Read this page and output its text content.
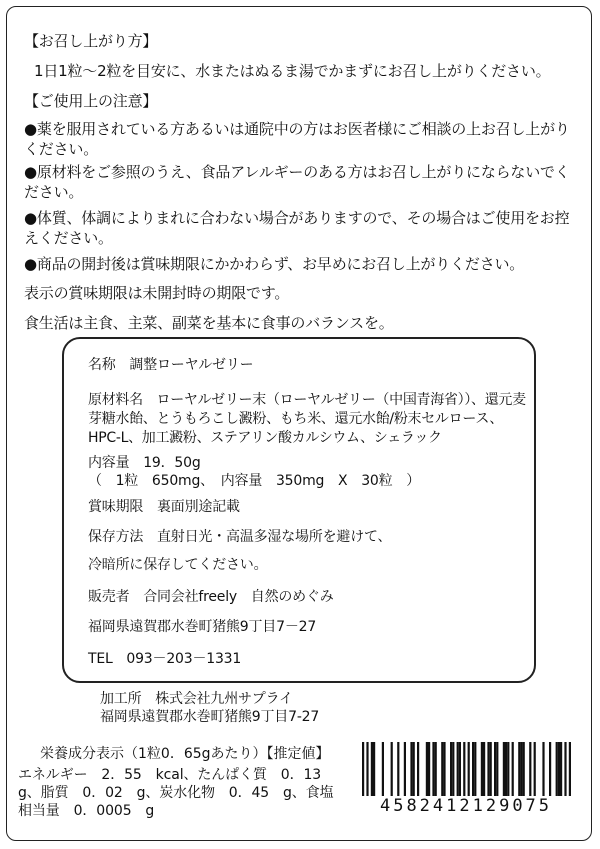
【お召し上がり方】
1日1粒～2粒を目安に、水またはぬるま湯でかまずにお召し上がりください。
【ご使用上の注意】
●薬を服用されている方あるいは通院中の方はお医者様にご相談の上お召し上がりください。
●原材料をご参照のうえ、食品アレルギーのある方はお召し上がりにならないでください。
●体質、体調によりまれに合わない場合がありますので、その場合はご使用をお控えください。
●商品の開封後は賞味期限にかかわらず、お早めにお召し上がりください。
表示の賞味期限は未開封時の期限です。
食生活は主食、主菜、副菜を基本に食事のバランスを。
名称　調整ローヤルゼリー
原材料名　ローヤルゼリー末（ローヤルゼリー（中国青海省））、還元麦芽糖水飴、とうもろこし澱粉、もち米、還元水飴/粉末セルロース、HPC-L、加工澱粉、ステアリン酸カルシウム、シェラック
内容量　19．50g
（　1粒　650mg、　内容量　350mg　X　30粒　）
賞味期限　裏面別途記載
保存方法　直射日光・高温多湿な場所を避けて、
冷暗所に保存してください。
販売者　合同会社freely　自然のめぐみ
福岡県遠賀郡水巻町猪熊9丁目7－27
TEL　093－203－1331
加工所　株式会社九州サプライ
福岡県遠賀郡水巻町猪熊9丁目7-27
栄養成分表示（1粒0．65gあたり）【推定値】
エネルギー　2．55　kcal、たんぱく質　0．13
g、脂質　0．02　g、炭水化物　0．45　g、食塩
相当量　0．0005　g	4582412129075
